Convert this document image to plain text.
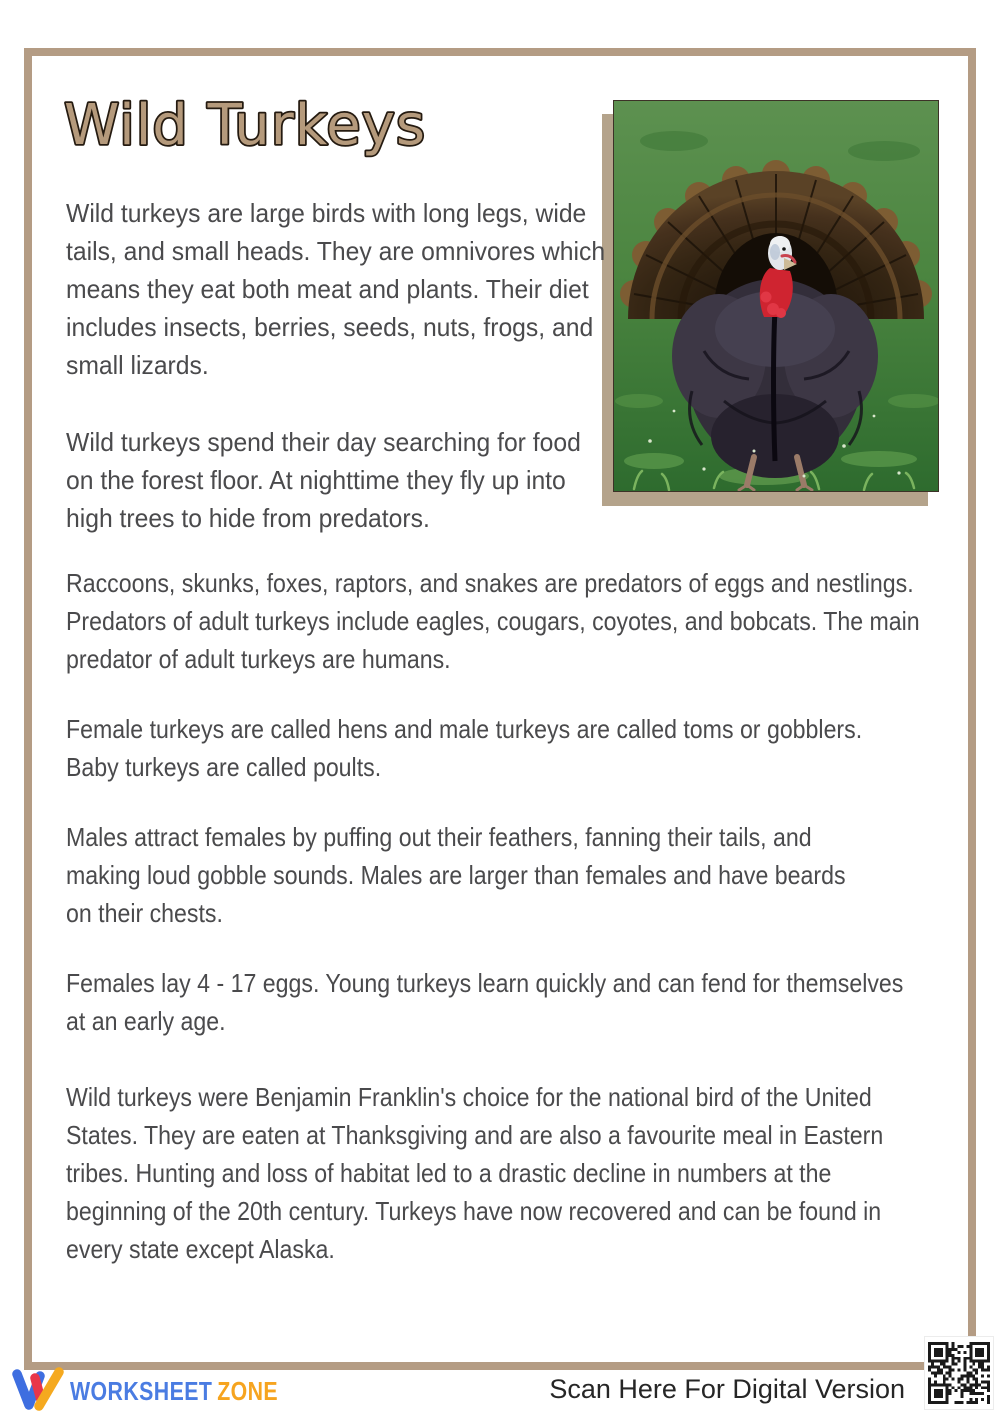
Wild Turkeys

Wild turkeys are large birds with long legs, wide tails, and small heads. They are omnivores which means they eat both meat and plants. Their diet includes insects, berries, seeds, nuts, frogs, and small lizards.

Wild turkeys spend their day searching for food on the forest floor. At nighttime they fly up into high trees to hide from predators.

Raccoons, skunks, foxes, raptors, and snakes are predators of eggs and nestlings. Predators of adult turkeys include eagles, cougars, coyotes, and bobcats. The main predator of adult turkeys are humans.

Female turkeys are called hens and male turkeys are called toms or gobblers. Baby turkeys are called poults.

Males attract females by puffing out their feathers, fanning their tails, and making loud gobble sounds. Males are larger than females and have beards on their chests.

Females lay 4 - 17 eggs. Young turkeys learn quickly and can fend for themselves at an early age.

Wild turkeys were Benjamin Franklin's choice for the national bird of the United States. They are eaten at Thanksgiving and are also a favourite meal in Eastern tribes. Hunting and loss of habitat led to a drastic decline in numbers at the beginning of the 20th century. Turkeys have now recovered and can be found in every state except Alaska.

WORKSHEET ZONE	Scan Here For Digital Version
